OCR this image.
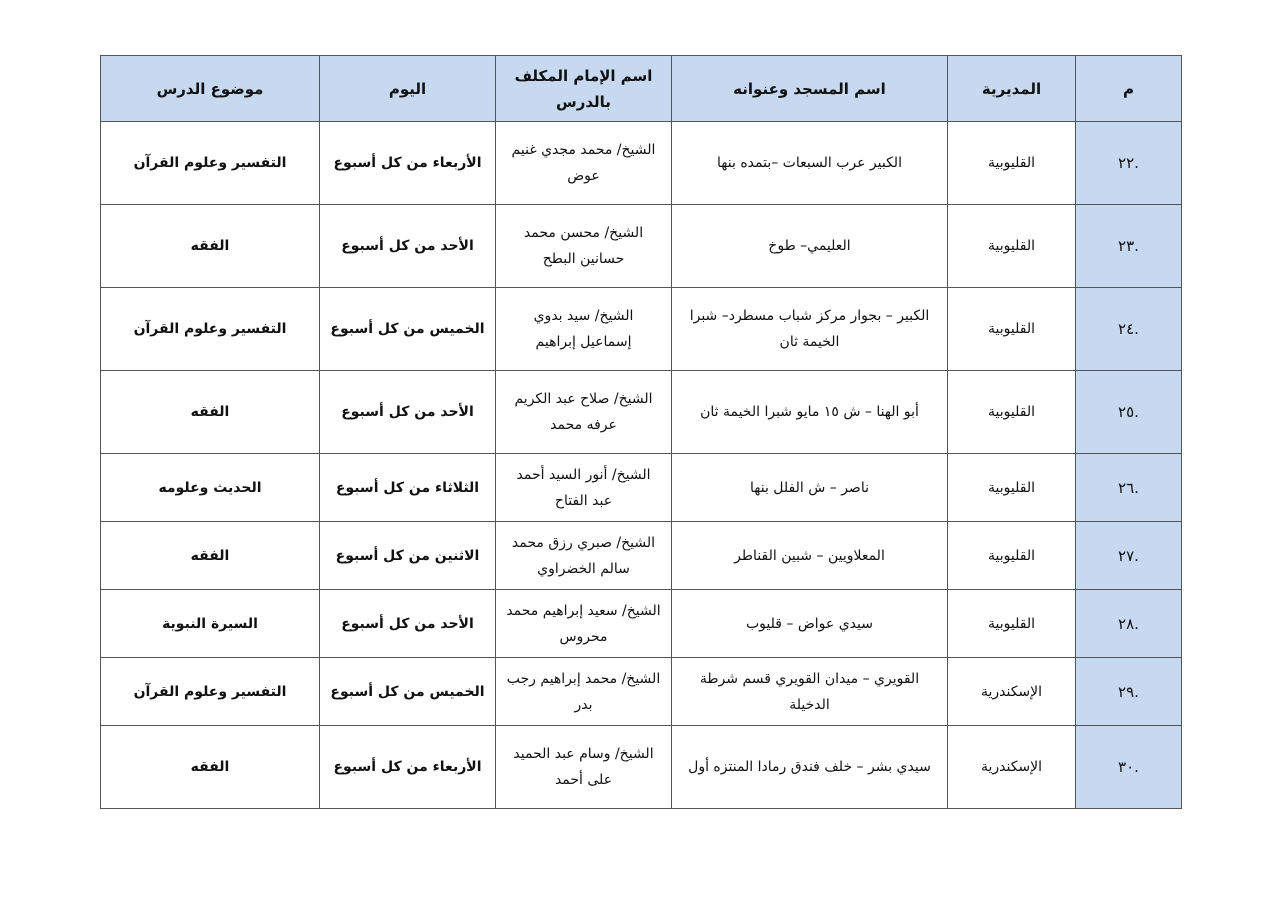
م	المديرية	اسم المسجد وعنوانه	اسم الإمام المكلف بالدرس	اليوم	موضوع الدرس
.٢٢	القليوبية	الكبير عرب السبعات –بتمده بنها	الشيخ/ محمد مجدي غنيم عوض	الأربعاء من كل أسبوع	التفسير وعلوم القرآن
.٢٣	القليوبية	العليمي– طوخ	الشيخ/ محسن محمد حسانين البطح	الأحد من كل أسبوع	الفقه
.٢٤	القليوبية	الكبير – بجوار مركز شباب مسطرد– شبرا الخيمة ثان	الشيخ/ سيد بدوي إسماعيل إبراهيم	الخميس من كل أسبوع	التفسير وعلوم القرآن
.٢٥	القليوبية	أبو الهنا – ش ١٥ مايو شبرا الخيمة ثان	الشيخ/ صلاح عبد الكريم عرفه محمد	الأحد من كل أسبوع	الفقه
.٢٦	القليوبية	ناصر – ش الفلل بنها	الشيخ/ أنور السيد أحمد عبد الفتاح	الثلاثاء من كل أسبوع	الحديث وعلومه
.٢٧	القليوبية	المعلاويين – شبين القناطر	الشيخ/ صبري رزق محمد سالم الخضراوي	الاثنين من كل أسبوع	الفقه
.٢٨	القليوبية	سيدي عواض – قليوب	الشيخ/ سعيد إبراهيم محمد محروس	الأحد من كل أسبوع	السيرة النبوية
.٢٩	الإسكندرية	القويري – ميدان القويري قسم شرطة الدخيلة	الشيخ/ محمد إبراهيم رجب بدر	الخميس من كل أسبوع	التفسير وعلوم القرآن
.٣٠	الإسكندرية	سيدي بشر – خلف فندق رمادا المنتزه أول	الشيخ/ وسام عبد الحميد على أحمد	الأربعاء من كل أسبوع	الفقه
